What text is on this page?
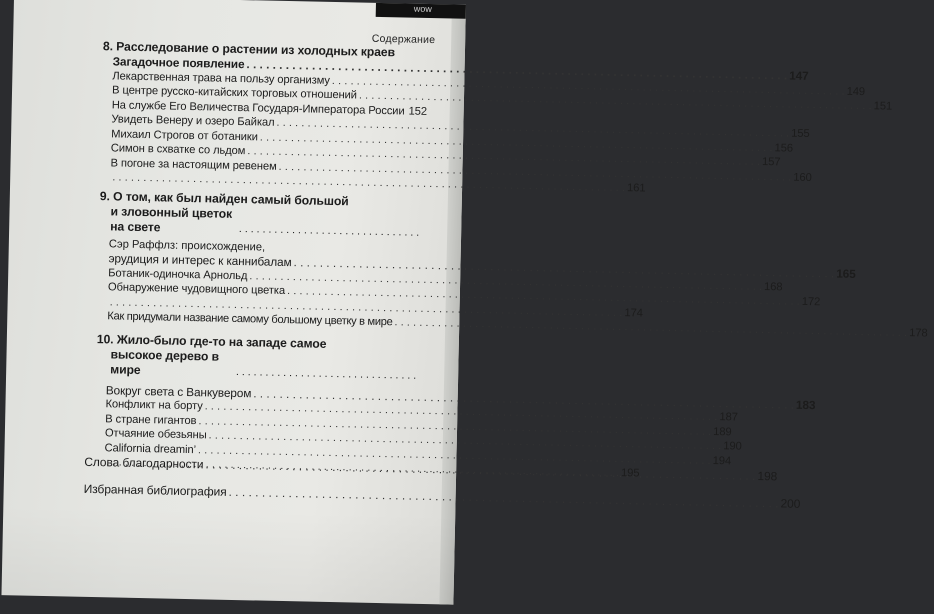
wow
Содержание
8. Расследование о растении из холодных краев
Загадочное появление
. . .
147
Лекарственная трава на пользу организму
. . .
149
В центре русско-китайских торговых отношений
. . .
151
На службе Его Величества Государя-Императора России
. . . 152
Увидеть Венеру и озеро Байкал
. . .
155
Михаил Строгов от ботаники
. . .
156
Симон в схватке со льдом
. . .
157
В погоне за настоящим ревенем
. . .
160
. . .
161
9. О том, как был найден самый большой
и зловонный цветок на свете	. . . . . . . . . . . . . . . . . . . . . . . . . . . . . . .
Сэр Раффлз: происхождение,
эрудиция и интерес к каннибалам
. . .
165
Ботаник-одиночка Арнольд
. . .
168
Обнаружение чудовищного цветка
. . .
172
. . .
174
Как придумали название самому большому цветку в мире
. . .
178
10. Жило-было где-то на западе самое
высокое дерево в мире	. . . . . . . . . . . . . . . . . . . . . . . . . . . . . . .
Вокруг света с Ванкувером
. . .
183
Конфликт на борту
. . .
187
В стране гигантов
. . .
189
Отчаяние обезьяны
. . .
190
California dreamin’
. . .
194
. . .
195
Слова благодарности
. . .
198
Избранная библиография
. . .
200
